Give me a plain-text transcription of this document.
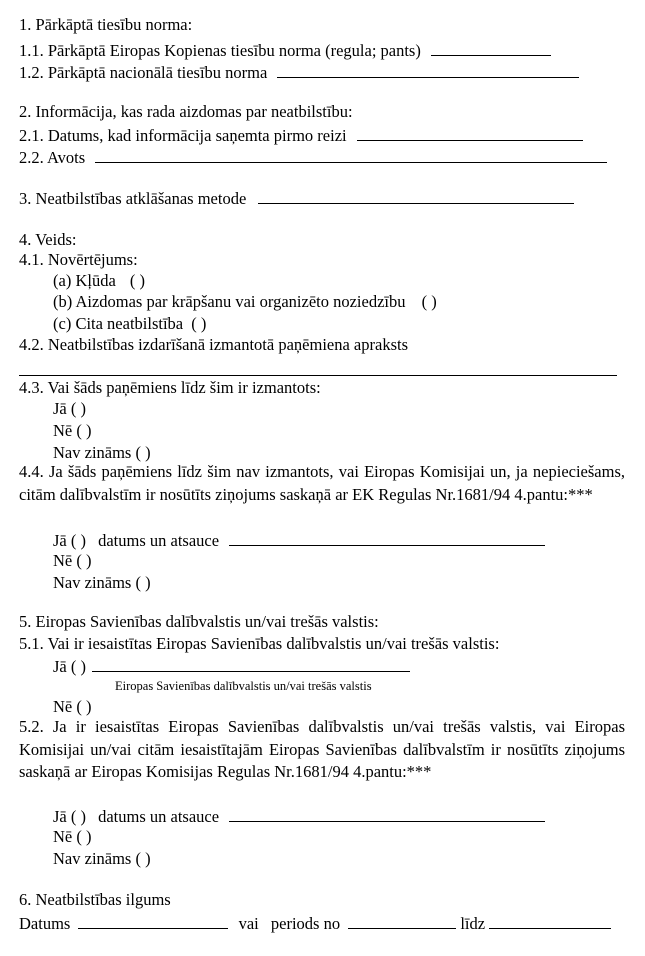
1. Pārkāptā tiesību norma:
1.1. Pārkāptā Eiropas Kopienas tiesību norma (regula; pants)
1.2. Pārkāptā nacionālā tiesību norma
2. Informācija, kas rada aizdomas par neatbilstību:
2.1. Datums, kad informācija saņemta pirmo reizi
2.2. Avots
3. Neatbilstības atklāšanas metode
4. Veids:
4.1. Novērtējums:
(a) Kļūda ( )
(b) Aizdomas par krāpšanu vai organizēto noziedzību ( )
(c) Cita neatbilstība ( )
4.2. Neatbilstības izdarīšanā izmantotā paņēmiena apraksts
4.3. Vai šāds paņēmiens līdz šim ir izmantots:
Jā ( )
Nē ( )
Nav zināms ( )
4.4. Ja šāds paņēmiens līdz šim nav izmantots, vai Eiropas Komisijai un, ja nepieciešams, citām dalībvalstīm ir nosūtīts ziņojums saskaņā ar EK Regulas Nr.1681/94 4.pantu:***
Jā ( ) datums un atsauce
Nē ( )
Nav zināms ( )
5. Eiropas Savienības dalībvalstis un/vai trešās valstis:
5.1. Vai ir iesaistītas Eiropas Savienības dalībvalstis un/vai trešās valstis:
Jā ( )
Eiropas Savienības dalībvalstis un/vai trešās valstis
Nē ( )
5.2. Ja ir iesaistītas Eiropas Savienības dalībvalstis un/vai trešās valstis, vai Eiropas Komisijai un/vai citām iesaistītajām Eiropas Savienības dalībvalstīm ir nosūtīts ziņojums saskaņā ar Eiropas Komisijas Regulas Nr.1681/94 4.pantu:***
Jā ( ) datums un atsauce
Nē ( )
Nav zināms ( )
6. Neatbilstības ilgums
Datums	vai periods no	līdz
